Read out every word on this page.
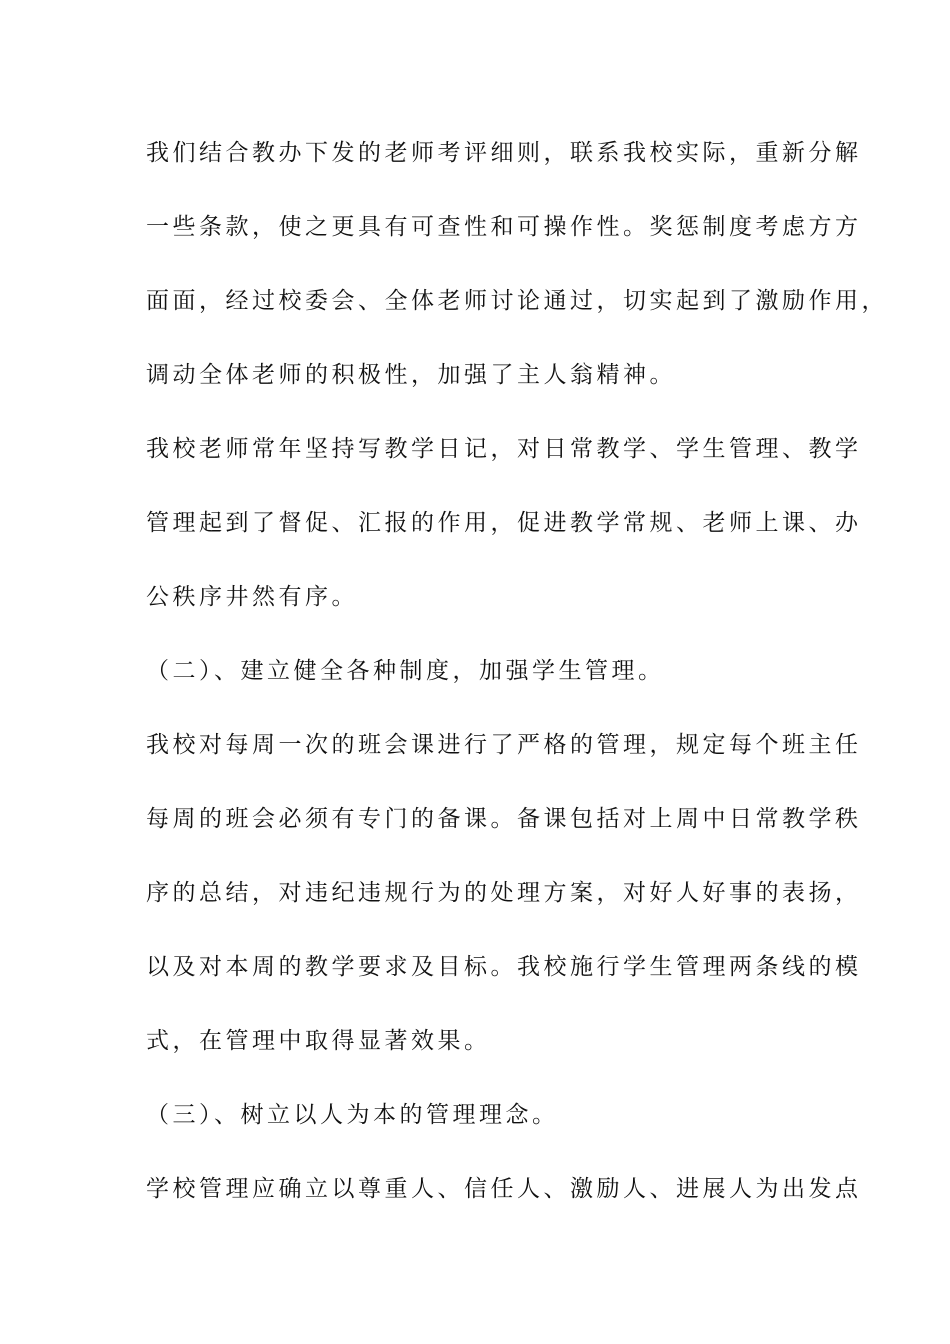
我们结合教办下发的老师考评细则，联系我校实际，重新分解
一些条款，使之更具有可查性和可操作性。奖惩制度考虑方方
面面，经过校委会、全体老师讨论通过，切实起到了激励作用，
调动全体老师的积极性，加强了主人翁精神。
我校老师常年坚持写教学日记，对日常教学、学生管理、教学
管理起到了督促、汇报的作用，促进教学常规、老师上课、办
公秩序井然有序。
（二）、建立健全各种制度，加强学生管理。
我校对每周一次的班会课进行了严格的管理，规定每个班主任
每周的班会必须有专门的备课。备课包括对上周中日常教学秩
序的总结，对违纪违规行为的处理方案，对好人好事的表扬，
以及对本周的教学要求及目标。我校施行学生管理两条线的模
式，在管理中取得显著效果。
（三）、树立以人为本的管理理念。
学校管理应确立以尊重人、信任人、激励人、进展人为出发点
